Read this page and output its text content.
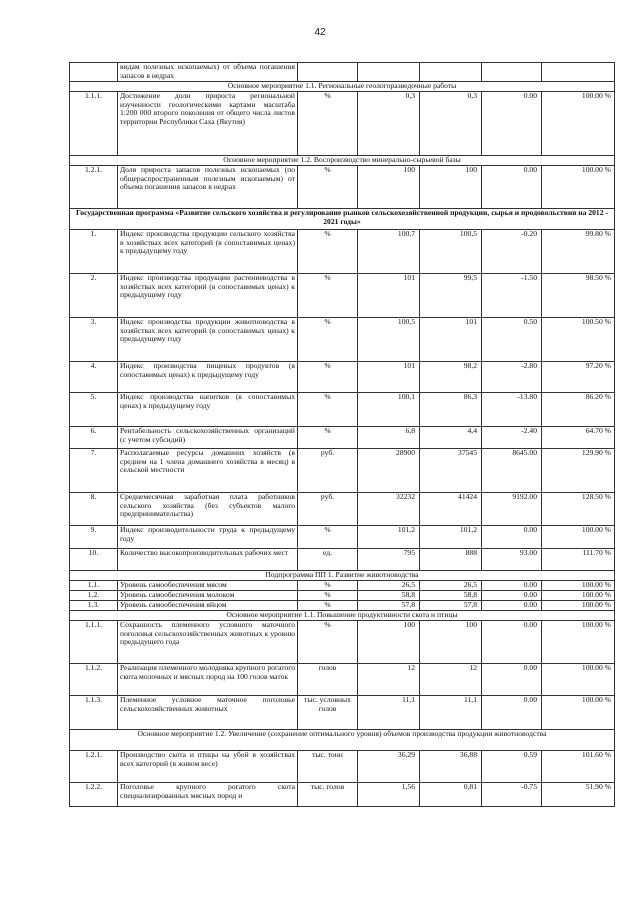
42
	видам полезных ископаемых) от объема погашения запасов в недрах					
Основное мероприятие 1.1. Региональные геологоразведочные работы						
1.1.1.	Достижение доли прироста региональной изученности геологическими картами масштаба 1:200 000 второго поколения от общего числа листов территории Республики Саха (Якутия)	%	0,3	0,3	0.00	100.00 %
Основное мероприятие 1.2. Воспроизводство минерально-сырьевой базы						
1.2.1.	Доля прироста запасов полезных ископаемых (по общераспространенным полезным ископаемым) от объема погашения запасов в недрах	%	100	100	0.00	100.00 %
Государственная программа «Развитие сельского хозяйства и регулирование рынков сельскохозяйственной продукции, сырья и продовольствия на 2012 - 2021 годы»						
1.	Индекс производства продукции сельского хозяйства в хозяйствах всех категорий (в сопоставимых ценах) к предыдущему году	%	100,7	100,5	-0.20	99.80 %
2.	Индекс производства продукции растениеводства в хозяйствах всех категорий (в сопоставимых ценах) к предыдущему году	%	101	99,5	-1.50	98.50 %
3.	Индекс производства продукции животноводства в хозяйствах всех категорий (в сопоставимых ценах) к предыдущему году	%	100,5	101	0.50	100.50 %
4.	Индекс производства пищевых продуктов (в сопоставимых ценах) к предыдущему году	%	101	98,2	-2.80	97.20 %
5.	Индекс производства напитков (в сопоставимых ценах) к предыдущему году	%	100,1	86,3	-13.80	86.20 %
6.	Рентабельность сельскохозяйственных организаций (с учетом субсидий)	%	6,8	4,4	-2.40	64.70 %
7.	Располагаемые ресурсы домашних хозяйств (в среднем на 1 члена домашнего хозяйства в месяц) в сельской местности	руб.	28900	37545	8645.00	129.90 %
8.	Среднемесячная заработная плата работников сельского хозяйства (без субъектов малого предпринимательства)	руб.	32232	41424	9192.00	128.50 %
9.	Индекс производительности труда к предыдущему году	%	101,2	101,2	0.00	100.00 %
10.	Количество высокопроизводительных рабочих мест	ед.	795	888	93.00	111.70 %
Подпрограмма ПП 1. Развитие животноводства						
1.1.	Уровень самообеспечения мясом	%	26,5	26,5	0.00	100.00 %
1.2.	Уровень самообеспечения молоком	%	58,8	58,8	0.00	100.00 %
1.3.	Уровень самообеспечения яйцом	%	57,8	57,8	0.00	100.00 %
Основное мероприятие 1.1. Повышение продуктивности скота и птицы						
1.1.1.	Сохранность племенного условного маточного поголовья сельскохозяйственных животных к уровню предыдущего года	%	100	100	0.00	100.00 %
1.1.2.	Реализация племенного молодняка крупного рогатого скота молочных и мясных пород на 100 голов маток	голов	12	12	0.00	100.00 %
1.1.3.	Племенное условное маточное поголовье сельскохозяйственных животных	тыс. условных голов	11,1	11,1	0.00	100.00 %
Основное мероприятие 1.2. Увеличение (сохранение оптимального уровня) объемов производства продукции животноводства						
1.2.1.	Производство скота и птицы на убой в хозяйствах всех категорий (в живом весе)	тыс. тонн	36,29	36,88	0.59	101.60 %
1.2.2.	Поголовье крупного рогатого скота специализированных мясных пород и	тыс. голов	1,56	0,81	-0.75	51.90 %
